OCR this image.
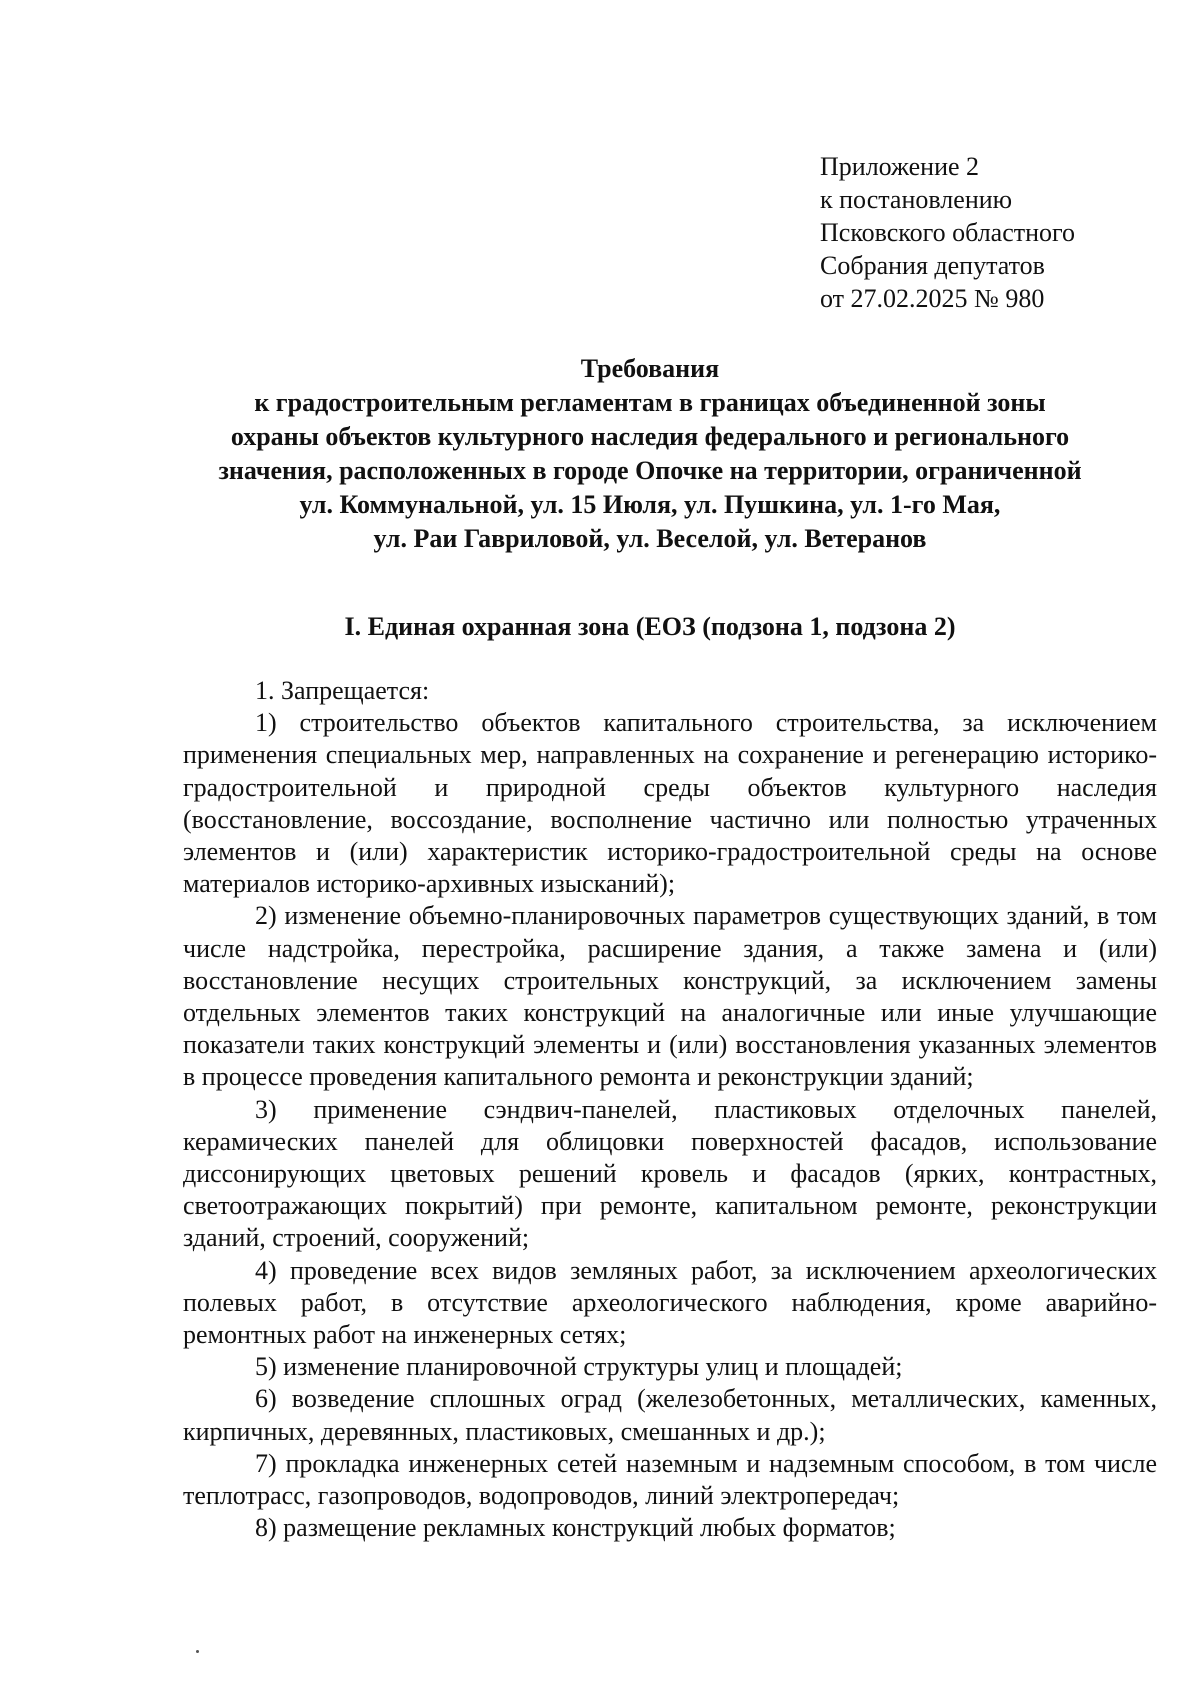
Приложение 2
к постановлению
Псковского областного
Собрания депутатов
от 27.02.2025 № 980
Требования
к градостроительным регламентам в границах объединенной зоны
охраны объектов культурного наследия федерального и регионального
значения, расположенных в городе Опочке на территории, ограниченной
ул. Коммунальной, ул. 15 Июля, ул. Пушкина, ул. 1-го Мая,
ул. Раи Гавриловой, ул. Веселой, ул. Ветеранов
I. Единая охранная зона (ЕОЗ (подзона 1, подзона 2)

1. Запрещается:

1) строительство объектов капитального строительства, за исключением применения специальных мер, направленных на сохранение и регенерацию историко-градостроительной и природной среды объектов культурного наследия (восстановление, воссоздание, восполнение частично или полностью утраченных элементов и (или) характеристик историко-градостроительной среды на основе материалов историко-архивных изысканий);

2) изменение объемно-планировочных параметров существующих зданий, в том числе надстройка, перестройка, расширение здания, а также замена и (или) восстановление несущих строительных конструкций, за исключением замены отдельных элементов таких конструкций на аналогичные или иные улучшающие показатели таких конструкций элементы и (или) восстановления указанных элементов в процессе проведения капитального ремонта и реконструкции зданий;

3) применение сэндвич-панелей, пластиковых отделочных панелей, керамических панелей для облицовки поверхностей фасадов, использование диссонирующих цветовых решений кровель и фасадов (ярких, контрастных, светоотражающих покрытий) при ремонте, капитальном ремонте, реконструкции зданий, строений, сооружений;

4) проведение всех видов земляных работ, за исключением археологических полевых работ, в отсутствие археологического наблюдения, кроме аварийно-ремонтных работ на инженерных сетях;

5) изменение планировочной структуры улиц и площадей;

6) возведение сплошных оград (железобетонных, металлических, каменных, кирпичных, деревянных, пластиковых, смешанных и др.);

7) прокладка инженерных сетей наземным и надземным способом, в том числе теплотрасс, газопроводов, водопроводов, линий электропередач;

8) размещение рекламных конструкций любых форматов;
